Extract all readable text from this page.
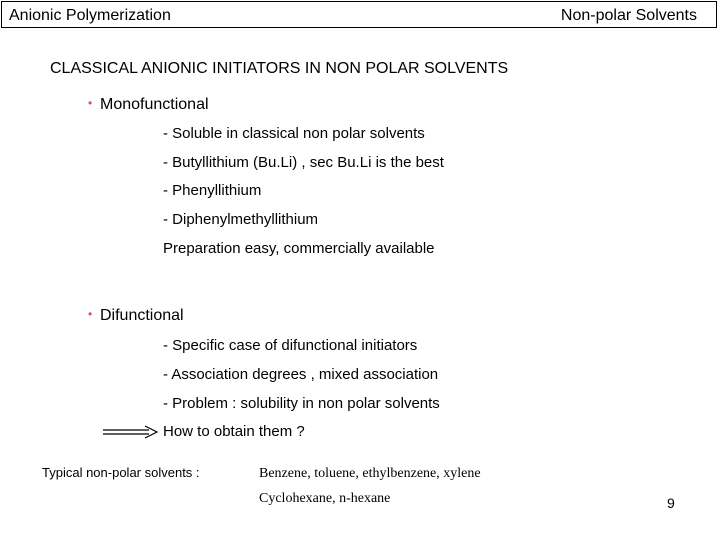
Anionic Polymerization	Non-polar Solvents
CLASSICAL ANIONIC INITIATORS IN NON POLAR SOLVENTS
• Monofunctional
- Soluble in classical non polar solvents
- Butyllithium (Bu.Li) , sec Bu.Li is the best
- Phenyllithium
- Diphenylmethyllithium
Preparation easy, commercially available
• Difunctional
- Specific case of difunctional initiators
- Association degrees , mixed association
- Problem : solubility in non polar solvents
How to obtain them ?
Typical non-polar solvents :	Benzene, toluene, ethylbenzene, xylene
Cyclohexane, n-hexane	9
